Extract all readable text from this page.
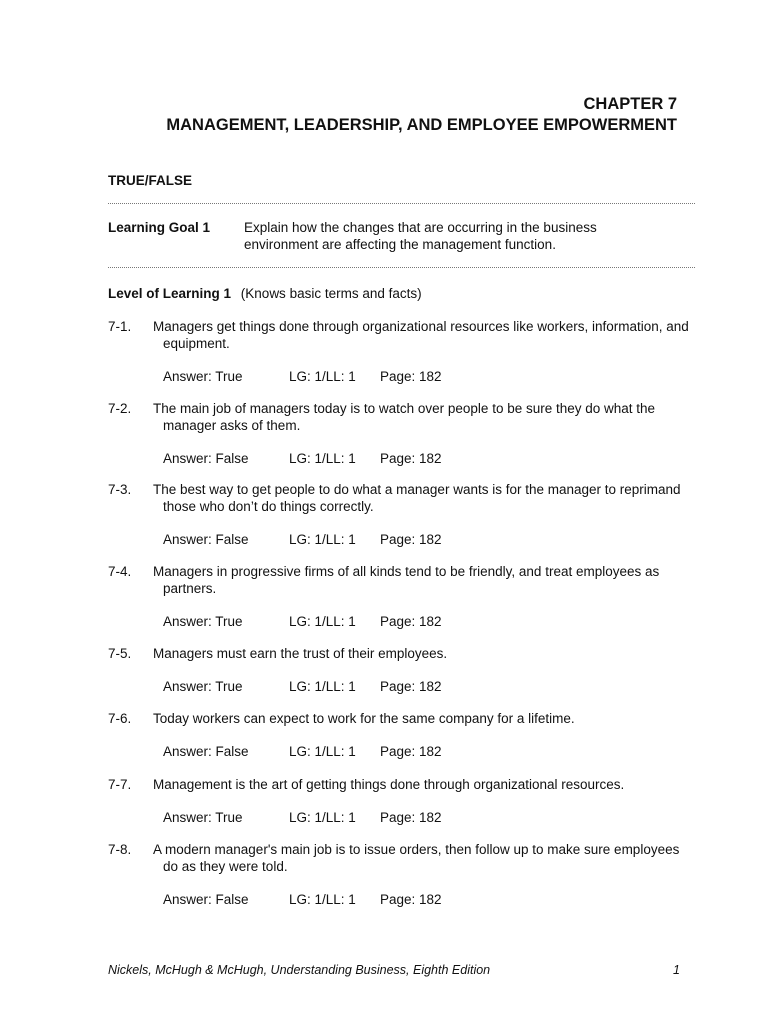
CHAPTER 7
MANAGEMENT, LEADERSHIP, AND EMPLOYEE EMPOWERMENT
TRUE/FALSE
Learning Goal 1	Explain how the changes that are occurring in the business environment are affecting the management function.
Level of Learning 1 (Knows basic terms and facts)
7-1. Managers get things done through organizational resources like workers, information, and equipment.
Answer: True	LG: 1/LL: 1 Page: 182
7-2. The main job of managers today is to watch over people to be sure they do what the manager asks of them.
Answer: False	LG: 1/LL: 1 Page: 182
7-3. The best way to get people to do what a manager wants is for the manager to reprimand those who don’t do things correctly.
Answer: False	LG: 1/LL: 1 Page: 182
7-4. Managers in progressive firms of all kinds tend to be friendly, and treat employees as partners.
Answer: True	LG: 1/LL: 1 Page: 182
7-5. Managers must earn the trust of their employees.
Answer: True	LG: 1/LL: 1 Page: 182
7-6. Today workers can expect to work for the same company for a lifetime.
Answer: False	LG: 1/LL: 1 Page: 182
7-7. Management is the art of getting things done through organizational resources.
Answer: True	LG: 1/LL: 1 Page: 182
7-8. A modern manager's main job is to issue orders, then follow up to make sure employees do as they were told.
Answer: False	LG: 1/LL: 1 Page: 182
Nickels, McHugh & McHugh, Understanding Business, Eighth Edition	1
